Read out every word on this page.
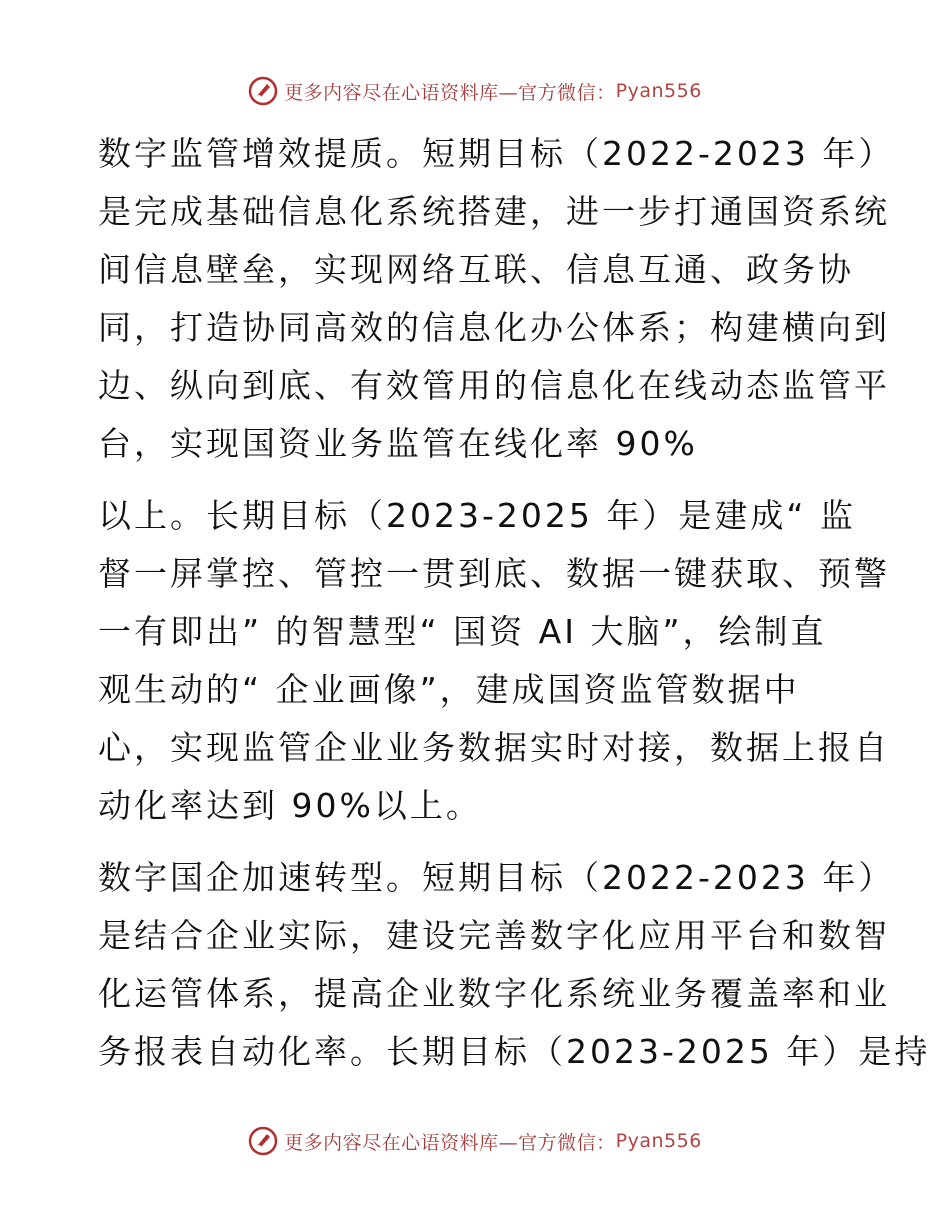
更多内容尽在心语资料库—官方微信： Pyan556
数字监管增效提质。短期目标（2022-2023 年）
是完成基础信息化系统搭建，进一步打通国资系统
间信息壁垒，实现网络互联、信息互通、政务协
同，打造协同高效的信息化办公体系；构建横向到
边、纵向到底、有效管用的信息化在线动态监管平
台，实现国资业务监管在线化率 90%
以上。长期目标（2023-2025 年）是建成“ 监
督一屏掌控、管控一贯到底、数据一键获取、预警
一有即出” 的智慧型“ 国资 AI 大脑”，绘制直
观生动的“ 企业画像”，建成国资监管数据中
心，实现监管企业业务数据实时对接，数据上报自
动化率达到 90%以上。
数字国企加速转型。短期目标（2022-2023 年）
是结合企业实际，建设完善数字化应用平台和数智
化运管体系，提高企业数字化系统业务覆盖率和业
务报表自动化率。长期目标（2023-2025 年）是持
更多内容尽在心语资料库—官方微信： Pyan556
